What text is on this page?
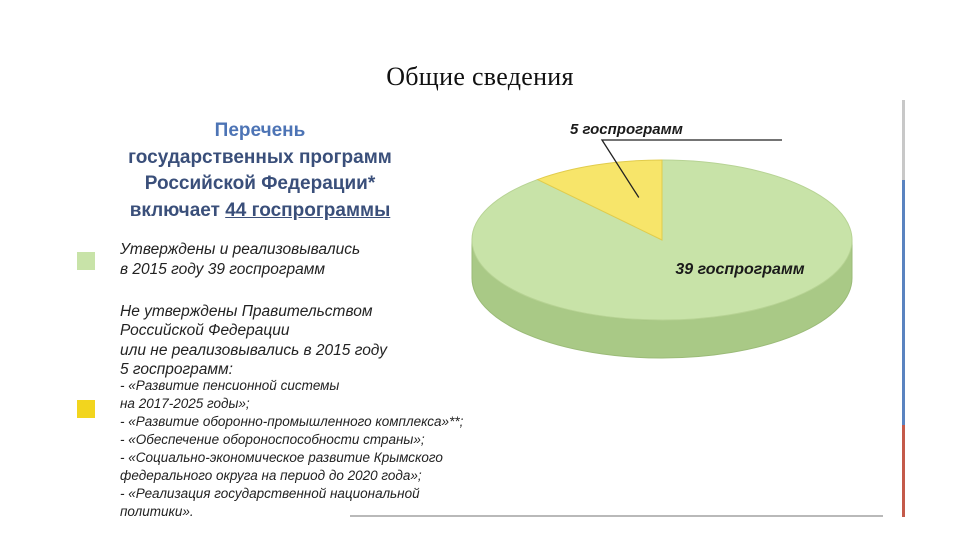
Общие сведения
Перечень
государственных программ
Российской Федерации*
включает 44 госпрограммы
Утверждены и реализовывались
в 2015 году 39 госпрограмм
Не утверждены Правительством
Российской Федерации
или не реализовывались в 2015 году
5 госпрограмм:
- «Развитие пенсионной системы
на 2017-2025 годы»;
- «Развитие оборонно-промышленного комплекса»**;
- «Обеспечение обороноспособности страны»;
- «Социально-экономическое развитие Крымского
федерального округа на период до 2020 года»;
- «Реализация государственной национальной
политики».
39 госпрограмм
5 госпрограмм
